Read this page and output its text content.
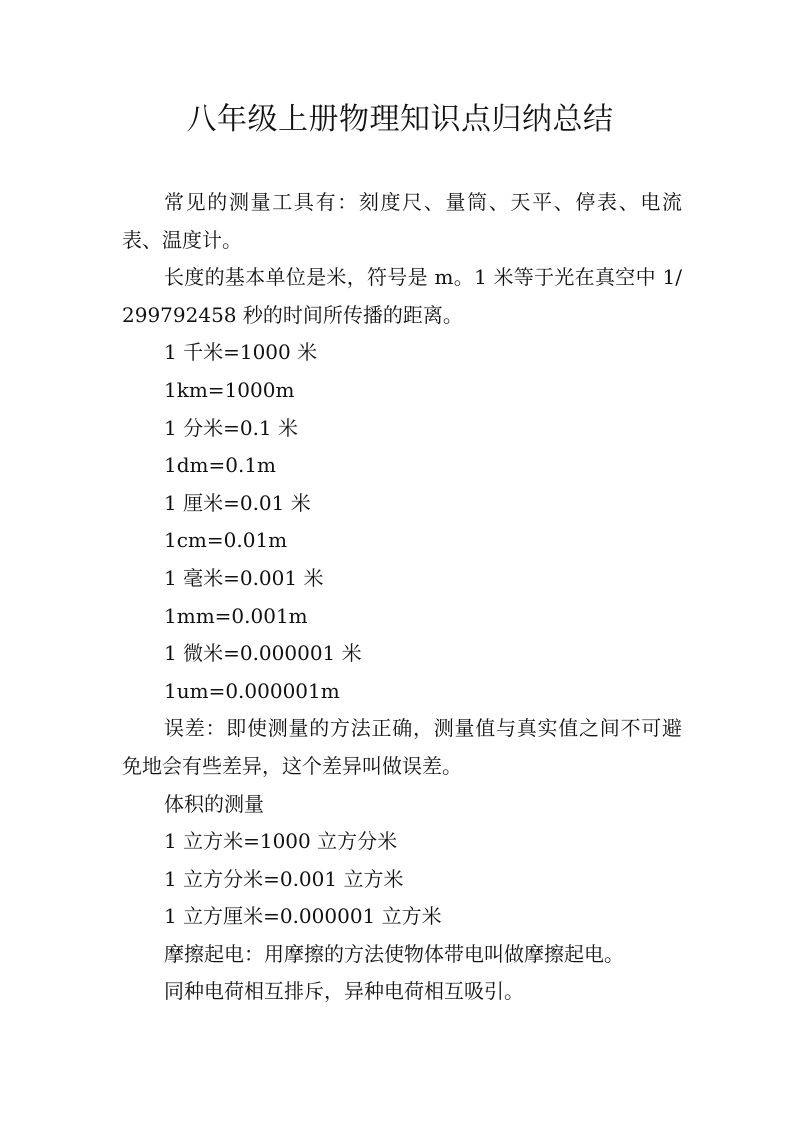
八年级上册物理知识点归纳总结

常见的测量工具有：刻度尺、量筒、天平、停表、电流表、温度计。

长度的基本单位是米，符号是 m。1 米等于光在真空中 1/299792458 秒的时间所传播的距离。

1 千米=1000 米

1km=1000m

1 分米=0.1 米

1dm=0.1m

1 厘米=0.01 米

1cm=0.01m

1 毫米=0.001 米

1mm=0.001m

1 微米=0.000001 米

1um=0.000001m

误差：即使测量的方法正确，测量值与真实值之间不可避免地会有些差异，这个差异叫做误差。

体积的测量

1 立方米=1000 立方分米

1 立方分米=0.001 立方米

1 立方厘米=0.000001 立方米

摩擦起电：用摩擦的方法使物体带电叫做摩擦起电。

同种电荷相互排斥，异种电荷相互吸引。
